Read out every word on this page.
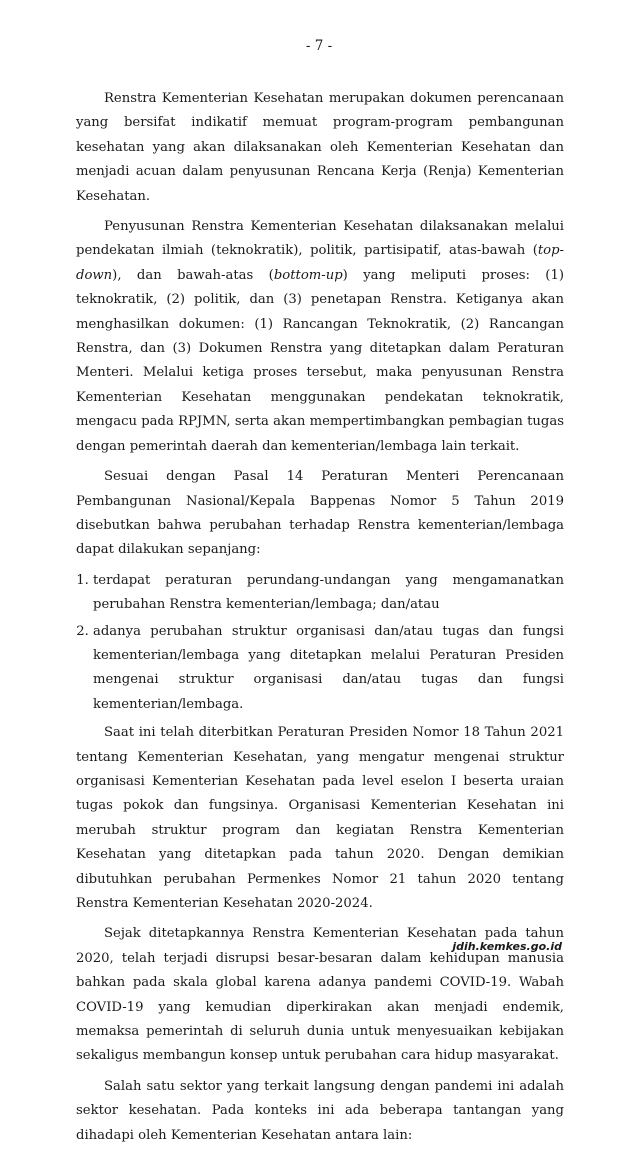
- 7 -

Renstra Kementerian Kesehatan merupakan dokumen perencanaan yang bersifat indikatif memuat program-program pembangunan kesehatan yang akan dilaksanakan oleh Kementerian Kesehatan dan menjadi acuan dalam penyusunan Rencana Kerja (Renja) Kementerian Kesehatan.

Penyusunan Renstra Kementerian Kesehatan dilaksanakan melalui pendekatan ilmiah (teknokratik), politik, partisipatif, atas-bawah (top-down), dan bawah-atas (bottom-up) yang meliputi proses: (1) teknokratik, (2) politik, dan (3) penetapan Renstra. Ketiganya akan menghasilkan dokumen: (1) Rancangan Teknokratik, (2) Rancangan Renstra, dan (3) Dokumen Renstra yang ditetapkan dalam Peraturan Menteri. Melalui ketiga proses tersebut, maka penyusunan Renstra Kementerian Kesehatan menggunakan pendekatan teknokratik, mengacu pada RPJMN, serta akan mempertimbangkan pembagian tugas dengan pemerintah daerah dan kementerian/lembaga lain terkait.

Sesuai dengan Pasal 14 Peraturan Menteri Perencanaan Pembangunan Nasional/Kepala Bappenas Nomor 5 Tahun 2019 disebutkan bahwa perubahan terhadap Renstra kementerian/lembaga dapat dilakukan sepanjang:

1. terdapat peraturan perundang-undangan yang mengamanatkan perubahan Renstra kementerian/lembaga; dan/atau
2. adanya perubahan struktur organisasi dan/atau tugas dan fungsi kementerian/lembaga yang ditetapkan melalui Peraturan Presiden mengenai struktur organisasi dan/atau tugas dan fungsi kementerian/lembaga.

Saat ini telah diterbitkan Peraturan Presiden Nomor 18 Tahun 2021 tentang Kementerian Kesehatan, yang mengatur mengenai struktur organisasi Kementerian Kesehatan pada level eselon I beserta uraian tugas pokok dan fungsinya. Organisasi Kementerian Kesehatan ini merubah struktur program dan kegiatan Renstra Kementerian Kesehatan yang ditetapkan pada tahun 2020. Dengan demikian dibutuhkan perubahan Permenkes Nomor 21 tahun 2020 tentang Renstra Kementerian Kesehatan 2020-2024.

Sejak ditetapkannya Renstra Kementerian Kesehatan pada tahun 2020, telah terjadi disrupsi besar-besaran dalam kehidupan manusia bahkan pada skala global karena adanya pandemi COVID-19. Wabah COVID-19 yang kemudian diperkirakan akan menjadi endemik, memaksa pemerintah di seluruh dunia untuk menyesuaikan kebijakan sekaligus membangun konsep untuk perubahan cara hidup masyarakat.

Salah satu sektor yang terkait langsung dengan pandemi ini adalah sektor kesehatan. Pada konteks ini ada beberapa tantangan yang dihadapi oleh Kementerian Kesehatan antara lain:

jdih.kemkes.go.id
